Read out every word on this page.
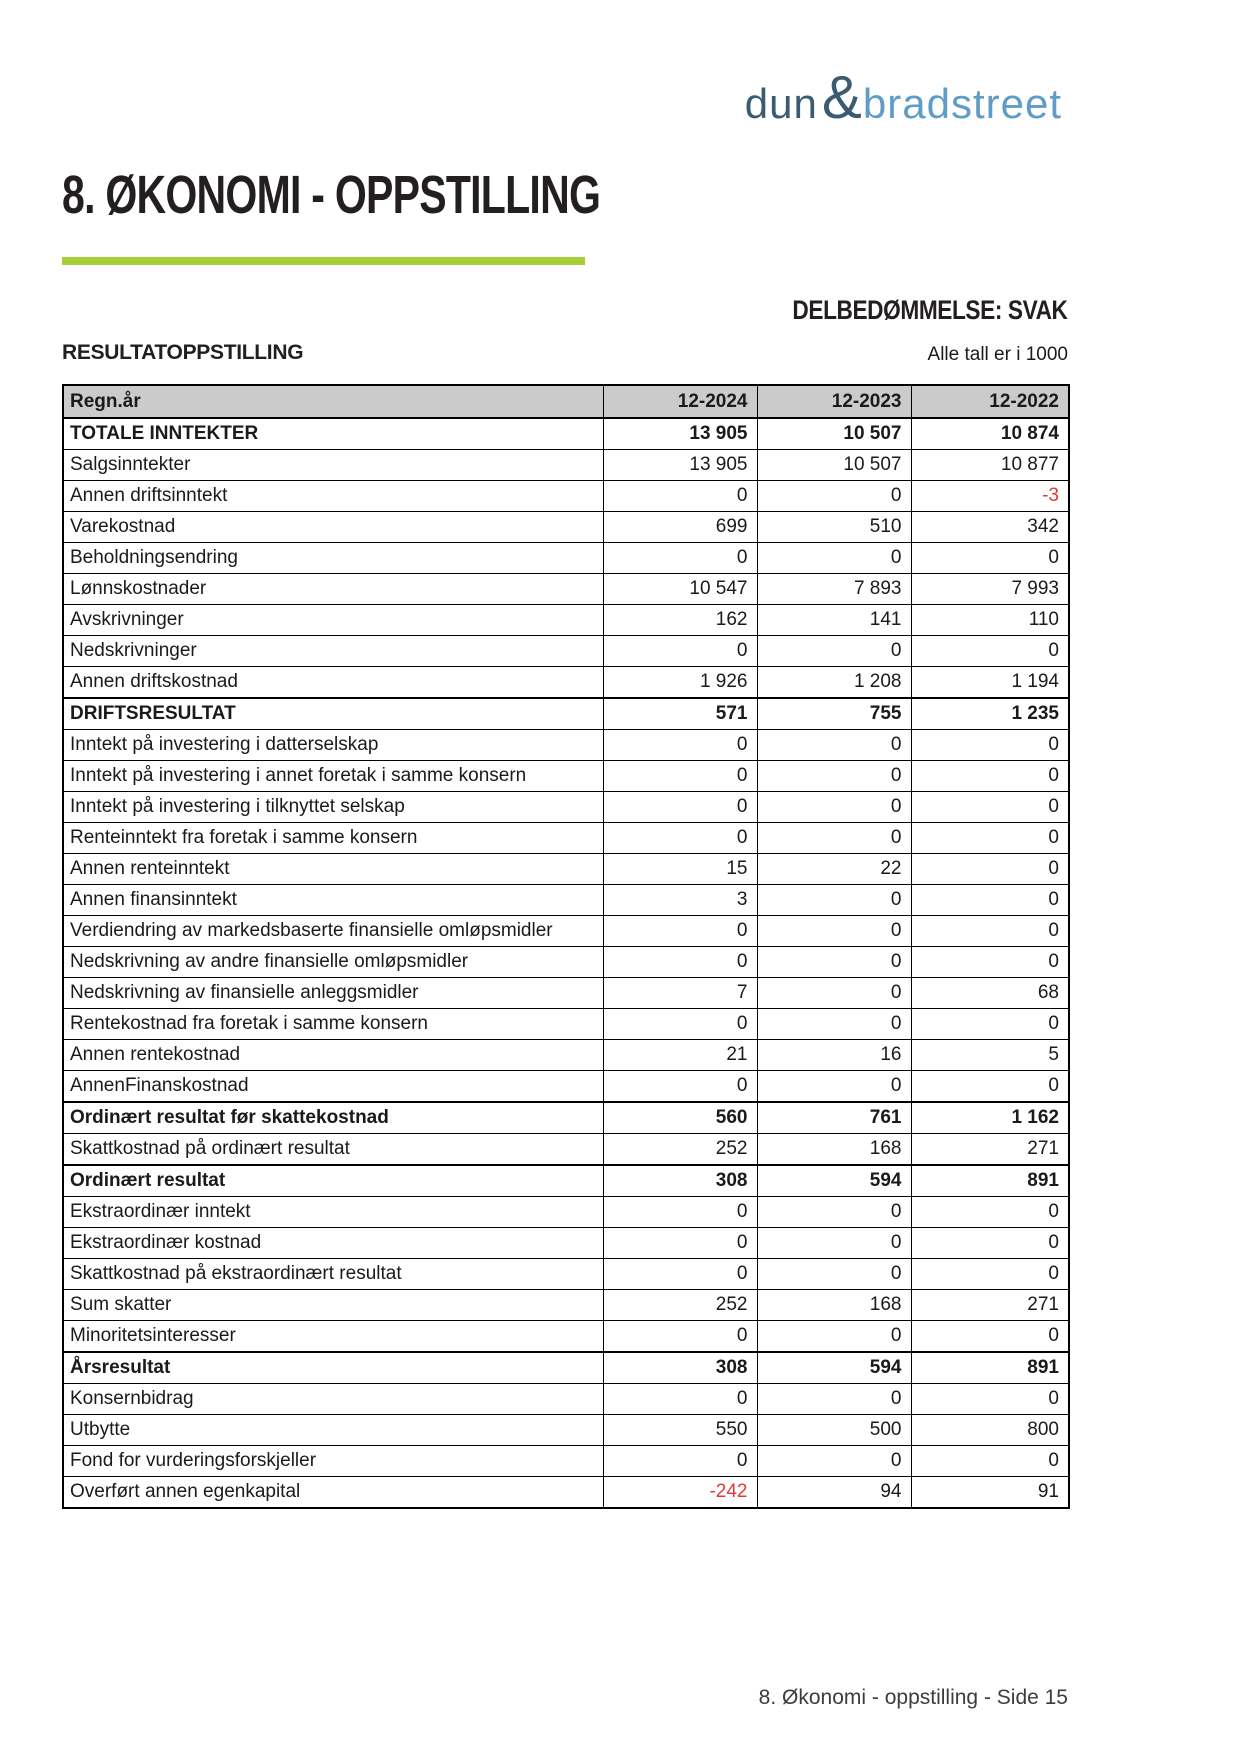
dun & bradstreet
8. ØKONOMI - OPPSTILLING
DELBEDØMMELSE: SVAK
RESULTATOPPSTILLING	Alle tall er i 1000
Regn.år	12-2024	12-2023	12-2022
TOTALE INNTEKTER	13 905	10 507	10 874
Salgsinntekter	13 905	10 507	10 877
Annen driftsinntekt	0	0	-3
Varekostnad	699	510	342
Beholdningsendring	0	0	0
Lønnskostnader	10 547	7 893	7 993
Avskrivninger	162	141	110
Nedskrivninger	0	0	0
Annen driftskostnad	1 926	1 208	1 194
DRIFTSRESULTAT	571	755	1 235
Inntekt på investering i datterselskap	0	0	0
Inntekt på investering i annet foretak i samme konsern	0	0	0
Inntekt på investering i tilknyttet selskap	0	0	0
Renteinntekt fra foretak i samme konsern	0	0	0
Annen renteinntekt	15	22	0
Annen finansinntekt	3	0	0
Verdiendring av markedsbaserte finansielle omløpsmidler	0	0	0
Nedskrivning av andre finansielle omløpsmidler	0	0	0
Nedskrivning av finansielle anleggsmidler	7	0	68
Rentekostnad fra foretak i samme konsern	0	0	0
Annen rentekostnad	21	16	5
AnnenFinanskostnad	0	0	0
Ordinært resultat før skattekostnad	560	761	1 162
Skattkostnad på ordinært resultat	252	168	271
Ordinært resultat	308	594	891
Ekstraordinær inntekt	0	0	0
Ekstraordinær kostnad	0	0	0
Skattkostnad på ekstraordinært resultat	0	0	0
Sum skatter	252	168	271
Minoritetsinteresser	0	0	0
Årsresultat	308	594	891
Konsernbidrag	0	0	0
Utbytte	550	500	800
Fond for vurderingsforskjeller	0	0	0
Overført annen egenkapital	-242	94	91
8. Økonomi - oppstilling - Side 15
